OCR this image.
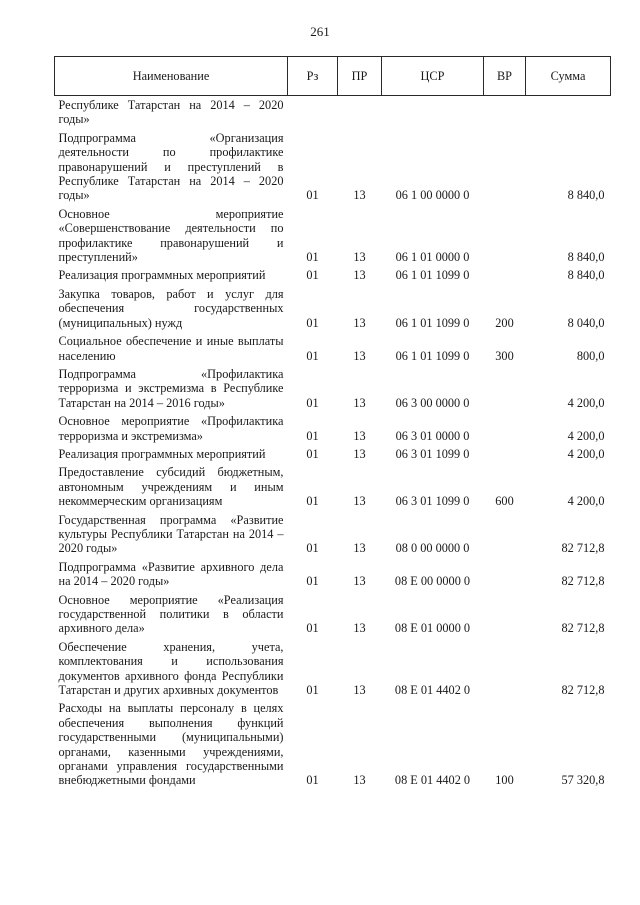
261
Наименование	Рз	ПР	ЦСР	ВР	Сумма
Республике Татарстан на 2014 – 2020 годы»					
Подпрограмма «Организация деятельности по профилактике правонарушений и преступлений в Республике Татарстан на 2014 – 2020 годы»	01	13	06 1 00 0000 0		8 840,0
Основное мероприятие «Совершенствование деятельности по профилактике правонарушений и преступлений»	01	13	06 1 01 0000 0		8 840,0
Реализация программных мероприятий	01	13	06 1 01 1099 0		8 840,0
Закупка товаров, работ и услуг для обеспечения государственных (муниципальных) нужд	01	13	06 1 01 1099 0	200	8 040,0
Социальное обеспечение и иные выплаты населению	01	13	06 1 01 1099 0	300	800,0
Подпрограмма «Профилактика терроризма и экстремизма в Республике Татарстан на 2014 – 2016 годы»	01	13	06 3 00 0000 0		4 200,0
Основное мероприятие «Профилактика терроризма и экстремизма»	01	13	06 3 01 0000 0		4 200,0
Реализация программных мероприятий	01	13	06 3 01 1099 0		4 200,0
Предоставление субсидий бюджетным, автономным учреждениям и иным некоммерческим организациям	01	13	06 3 01 1099 0	600	4 200,0
Государственная программа «Развитие культуры Республики Татарстан на 2014 – 2020 годы»	01	13	08 0 00 0000 0		82 712,8
Подпрограмма «Развитие архивного дела на 2014 – 2020 годы»	01	13	08 Е 00 0000 0		82 712,8
Основное мероприятие «Реализация государственной политики в области архивного дела»	01	13	08 Е 01 0000 0		82 712,8
Обеспечение хранения, учета, комплектования и использования документов архивного фонда Республики Татарстан и других архивных документов	01	13	08 Е 01 4402 0		82 712,8
Расходы на выплаты персоналу в целях обеспечения выполнения функций государственными (муниципальными) органами, казенными учреждениями, органами управления государственными внебюджетными фондами	01	13	08 Е 01 4402 0	100	57 320,8
